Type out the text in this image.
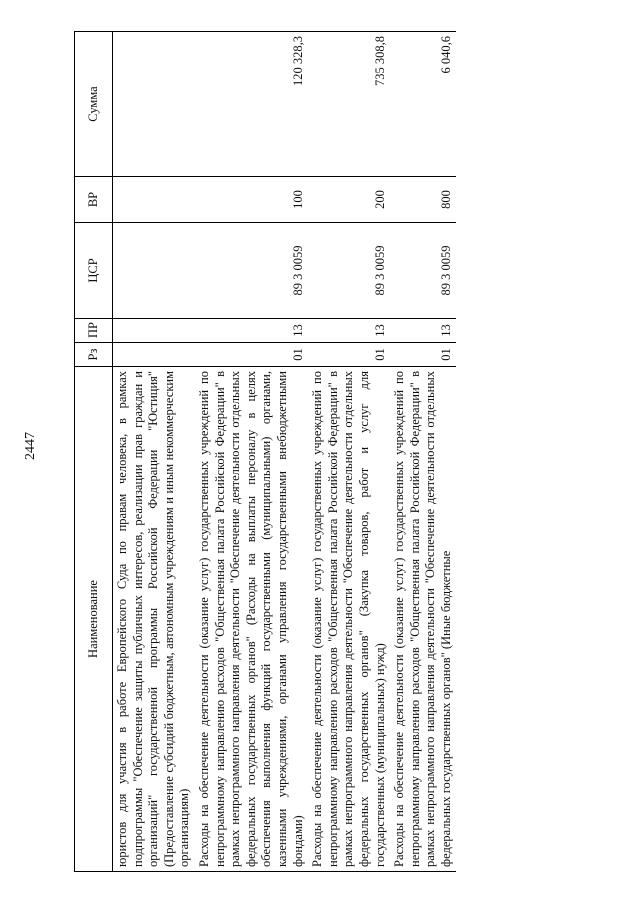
2447
Наименование	Рз	ПР	ЦСР	ВР	Сумма
юристов для участия в работе Европейского Суда по правам человека, в рамках подпрограммы "Обеспечение защиты публичных интересов, реализации прав граждан и организаций" государственной программы Российской Федерации "Юстиция" (Предоставление субсидий бюджетным, автономным учреждениям и иным некоммерческим организациям)					
Расходы на обеспечение деятельности (оказание услуг) государственных учреждений по непрограммному направлению расходов "Общественная палата Российской Федерации" в рамках непрограммного направления деятельности "Обеспечение деятельности отдельных федеральных государственных органов" (Расходы на выплаты персоналу в целях обеспечения выполнения функций государственными (муниципальными) органами, казенными учреждениями, органами управления государственными внебюджетными фондами)	01	13	89 3 0059	100	120 328,3
Расходы на обеспечение деятельности (оказание услуг) государственных учреждений по непрограммному направлению расходов "Общественная палата Российской Федерации" в рамках непрограммного направления деятельности "Обеспечение деятельности отдельных федеральных государственных органов" (Закупка товаров, работ и услуг для государственных (муниципальных) нужд)	01	13	89 3 0059	200	735 308,8
Расходы на обеспечение деятельности (оказание услуг) государственных учреждений по непрограммному направлению расходов "Общественная палата Российской Федерации" в рамках непрограммного направления деятельности "Обеспечение деятельности отдельных федеральных государственных органов" (Иные бюджетные	01	13	89 3 0059	800	6 040,6
